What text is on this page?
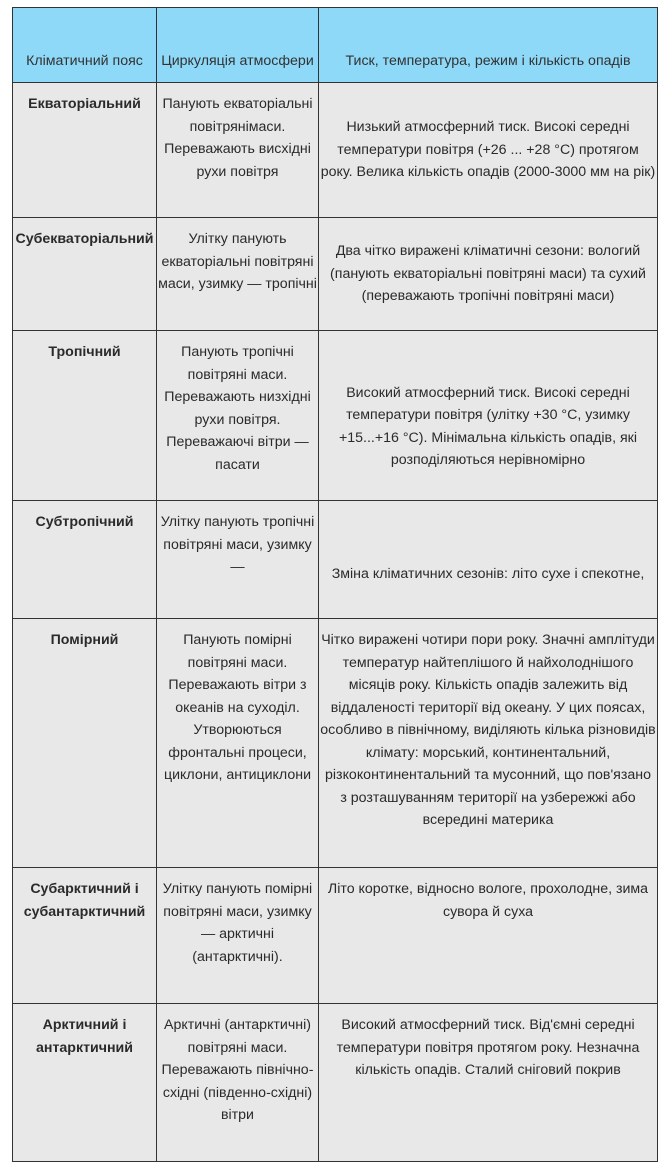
Кліматичний пояс	Циркуляція атмосфери	Тиск, температура, режим і кількість опадів
Екваторіальний	Панують екваторіальні повітрянімаси. Переважають висхідні рухи повітря	Низький атмосферний тиск. Високі середні температури повітря (+26 ... +28 °С) протягом року. Велика кількість опадів (2000-3000 мм на рік)
Субекваторіальний	Улітку панують екваторіальні повітряні маси, узимку — тропічні	Два чітко виражені кліматичні сезони: вологий (панують екваторіальні повітряні маси) та сухий (переважають тропічні повітряні маси)
Тропічний	Панують тропічні повітряні маси. Переважають низхідні рухи повітря. Переважаючі вітри — пасати	Високий атмосферний тиск. Високі середні температури повітря (улітку +30 °С, узимку +15...+16 °С). Мінімальна кількість опадів, які розподіляються нерівномірно

Субтропічний	Улітку панують тропічні повітряні маси, узимку —	Зміна кліматичних сезонів: літо сухе і спекотне,

Помірний	Панують помірні повітряні маси. Переважають вітри з океанів на суходіл. Утворюються фронтальні процеси, циклони, антициклони	Чітко виражені чотири пори року. Значні амплітуди температур найтеплішого й найхолоднішого місяців року. Кількість опадів залежить від віддаленості території від океану. У цих поясах, особливо в північному, виділяють кілька різновидів клімату: морський, континентальний, різкоконтинентальний та мусонний, що пов'язано з розташуванням території на узбережжі або всередині материка
Субарктичний і субантарктичний	Улітку панують помірні повітряні маси, узимку — арктичні (антарктичні).	Літо коротке, відносно вологе, прохолодне, зима сувора й суха
Арктичний і антарктичний	Арктичні (антарктичні) повітряні маси. Переважають північно-східні (південно-східні) вітри	Високий атмосферний тиск. Від'ємні середні температури повітря протягом року. Незначна кількість опадів. Сталий сніговий покрив
